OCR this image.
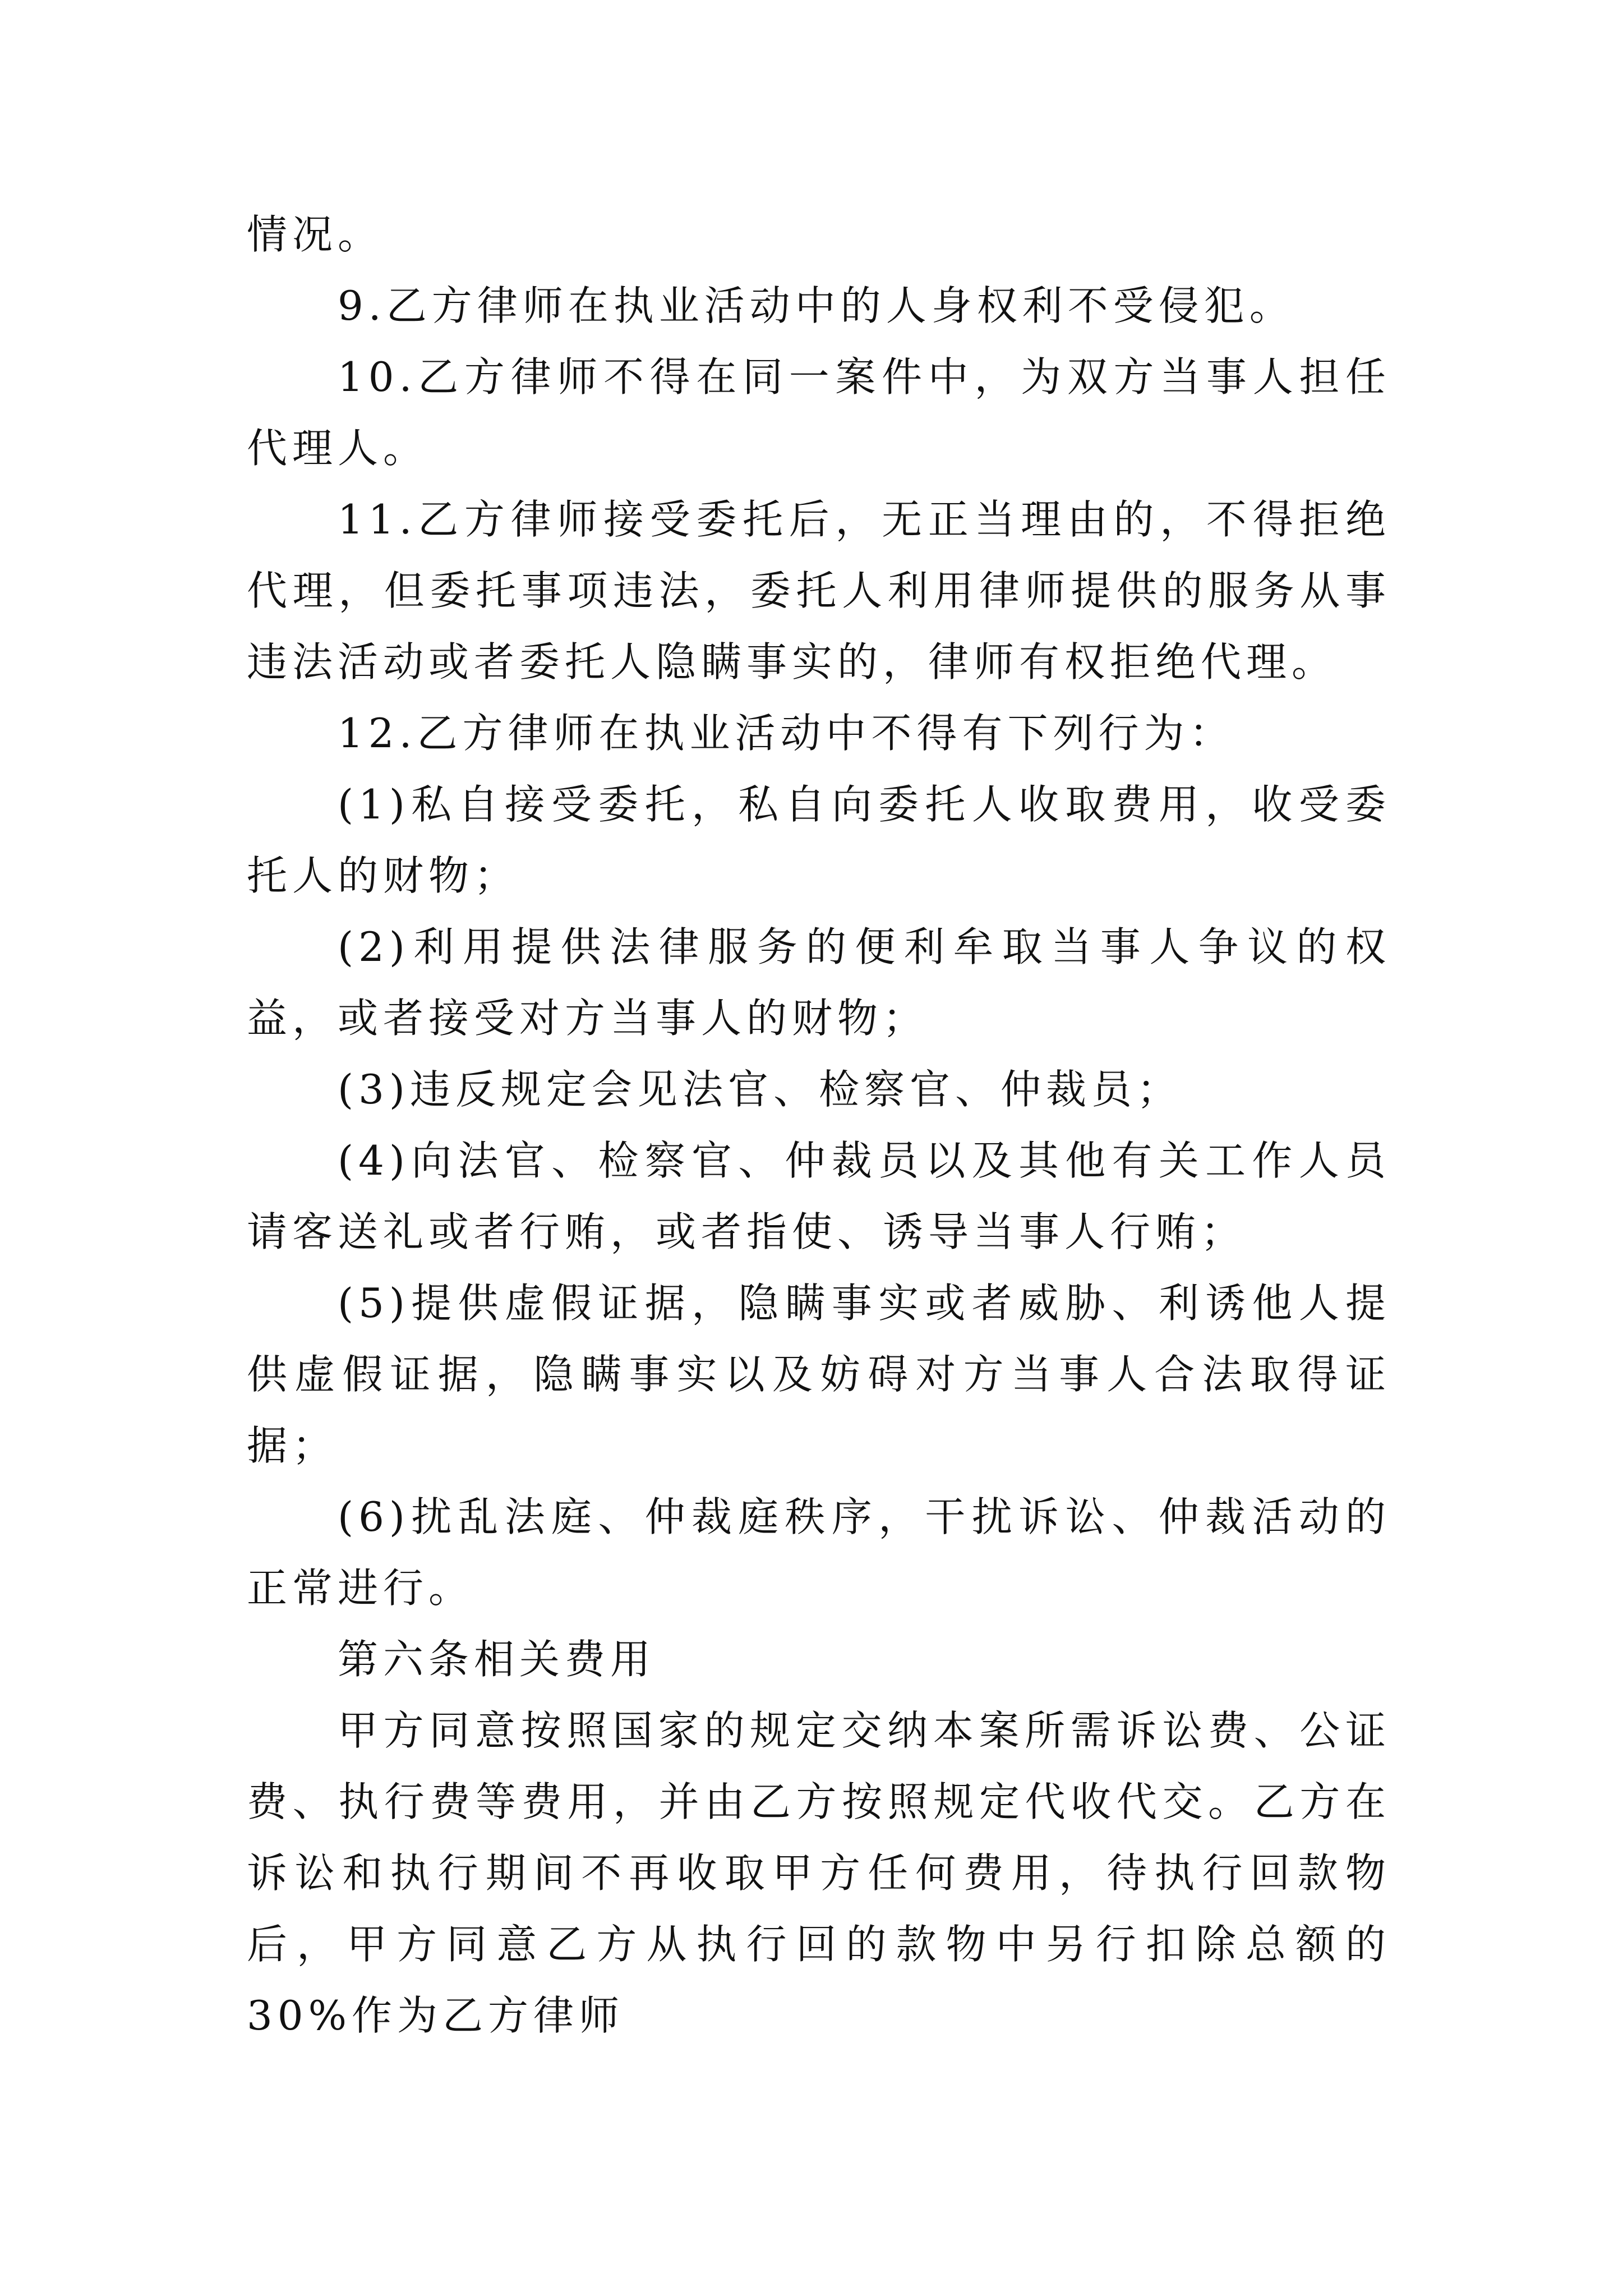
情况。

9.乙方律师在执业活动中的人身权利不受侵犯。

10.乙方律师不得在同一案件中，为双方当事人担任代理人。

11.乙方律师接受委托后，无正当理由的，不得拒绝代理，但委托事项违法，委托人利用律师提供的服务从事违法活动或者委托人隐瞒事实的，律师有权拒绝代理。

12.乙方律师在执业活动中不得有下列行为：

(1)私自接受委托，私自向委托人收取费用，收受委托人的财物；

(2)利用提供法律服务的便利牟取当事人争议的权益，或者接受对方当事人的财物；

(3)违反规定会见法官、检察官、仲裁员；

(4)向法官、检察官、仲裁员以及其他有关工作人员请客送礼或者行贿，或者指使、诱导当事人行贿；

(5)提供虚假证据，隐瞒事实或者威胁、利诱他人提供虚假证据，隐瞒事实以及妨碍对方当事人合法取得证据；

(6)扰乱法庭、仲裁庭秩序，干扰诉讼、仲裁活动的正常进行。

第六条相关费用

甲方同意按照国家的规定交纳本案所需诉讼费、公证费、执行费等费用，并由乙方按照规定代收代交。乙方在诉讼和执行期间不再收取甲方任何费用，待执行回款物后，甲方同意乙方从执行回的款物中另行扣除总额的30%作为乙方律师
